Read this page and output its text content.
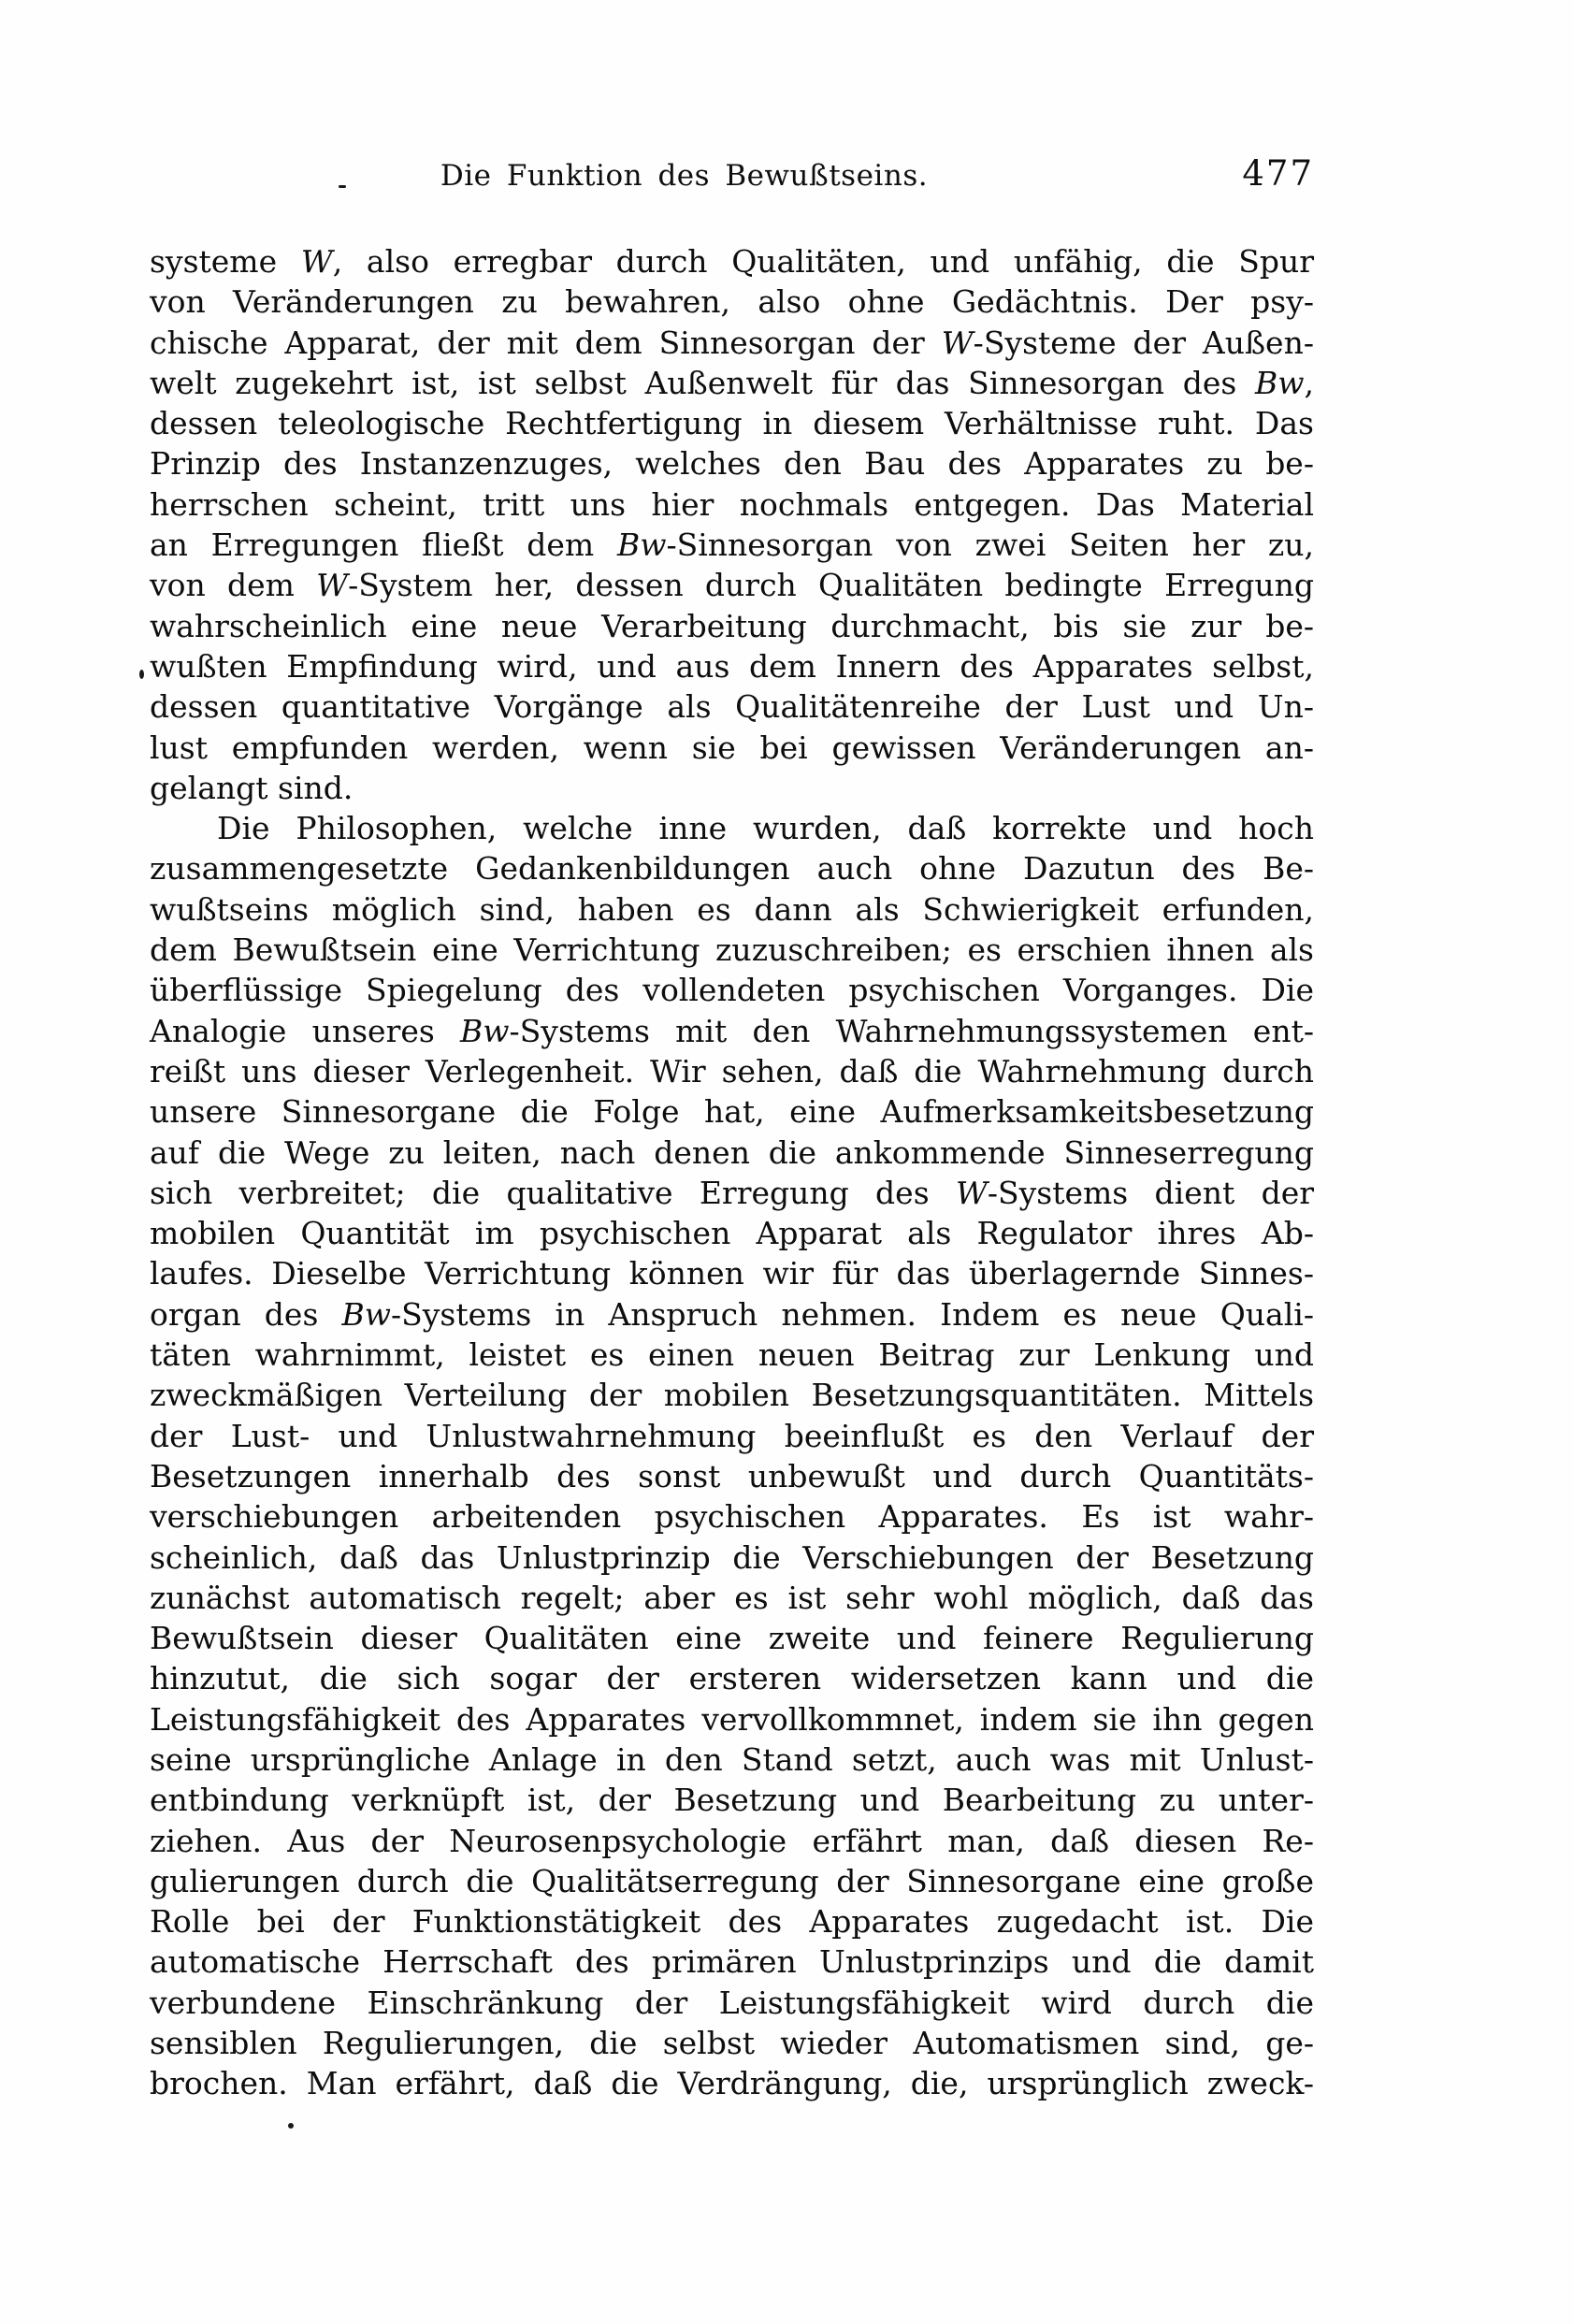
Die Funktion des Bewußtseins.	477
systeme W, also erregbar durch Qualitäten, und unfähig, die Spur
von Veränderungen zu bewahren, also ohne Gedächtnis. Der psy-
chische Apparat, der mit dem Sinnesorgan der W-Systeme der Außen-
welt zugekehrt ist, ist selbst Außenwelt für das Sinnesorgan des Bw,
dessen teleologische Rechtfertigung in diesem Verhältnisse ruht. Das
Prinzip des Instanzenzuges, welches den Bau des Apparates zu be-
herrschen scheint, tritt uns hier nochmals entgegen. Das Material
an Erregungen fließt dem Bw-Sinnesorgan von zwei Seiten her zu,
von dem W-System her, dessen durch Qualitäten bedingte Erregung
wahrscheinlich eine neue Verarbeitung durchmacht, bis sie zur be-
wußten Empfindung wird, und aus dem Innern des Apparates selbst,
dessen quantitative Vorgänge als Qualitätenreihe der Lust und Un-
lust empfunden werden, wenn sie bei gewissen Veränderungen an-
gelangt sind.
Die Philosophen, welche inne wurden, daß korrekte und hoch
zusammengesetzte Gedankenbildungen auch ohne Dazutun des Be-
wußtseins möglich sind, haben es dann als Schwierigkeit erfunden,
dem Bewußtsein eine Verrichtung zuzuschreiben; es erschien ihnen als
überflüssige Spiegelung des vollendeten psychischen Vorganges. Die
Analogie unseres Bw-Systems mit den Wahrnehmungssystemen ent-
reißt uns dieser Verlegenheit. Wir sehen, daß die Wahrnehmung durch
unsere Sinnesorgane die Folge hat, eine Aufmerksamkeitsbesetzung
auf die Wege zu leiten, nach denen die ankommende Sinneserregung
sich verbreitet; die qualitative Erregung des W-Systems dient der
mobilen Quantität im psychischen Apparat als Regulator ihres Ab-
laufes. Dieselbe Verrichtung können wir für das überlagernde Sinnes-
organ des Bw-Systems in Anspruch nehmen. Indem es neue Quali-
täten wahrnimmt, leistet es einen neuen Beitrag zur Lenkung und
zweckmäßigen Verteilung der mobilen Besetzungsquantitäten. Mittels
der Lust- und Unlustwahrnehmung beeinflußt es den Verlauf der
Besetzungen innerhalb des sonst unbewußt und durch Quantitäts-
verschiebungen arbeitenden psychischen Apparates. Es ist wahr-
scheinlich, daß das Unlustprinzip die Verschiebungen der Besetzung
zunächst automatisch regelt; aber es ist sehr wohl möglich, daß das
Bewußtsein dieser Qualitäten eine zweite und feinere Regulierung
hinzutut, die sich sogar der ersteren widersetzen kann und die
Leistungsfähigkeit des Apparates vervollkommnet, indem sie ihn gegen
seine ursprüngliche Anlage in den Stand setzt, auch was mit Unlust-
entbindung verknüpft ist, der Besetzung und Bearbeitung zu unter-
ziehen. Aus der Neurosenpsychologie erfährt man, daß diesen Re-
gulierungen durch die Qualitätserregung der Sinnesorgane eine große
Rolle bei der Funktionstätigkeit des Apparates zugedacht ist. Die
automatische Herrschaft des primären Unlustprinzips und die damit
verbundene Einschränkung der Leistungsfähigkeit wird durch die
sensiblen Regulierungen, die selbst wieder Automatismen sind, ge-
brochen. Man erfährt, daß die Verdrängung, die, ursprünglich zweck-
